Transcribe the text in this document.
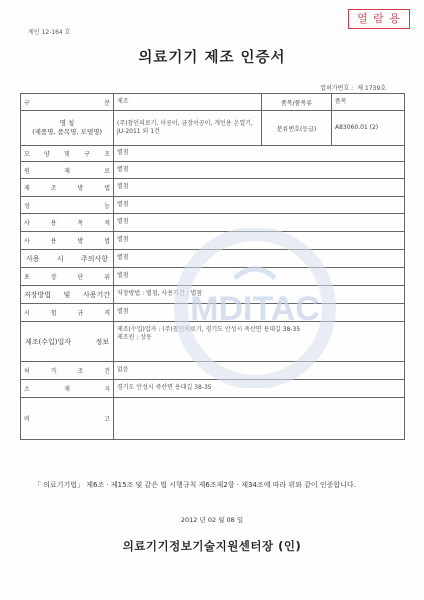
제인 12-164 호
열 람 용
의료기기 제조 인증서
업허가번호 : 제 1739호
구 분	제조	품목/품목류	품목
명 칭
(제품명, 품목명, 모델명)	(주)참인의료기, 이공이, 금장이공이, 개인용 온열기, JU-2011 외 1건	분류번호(등급)	A83060.01 (2)
모 양 및 구 조	별첨		
원 재 료	별첨		
제 조 방 법	별첨		
성 능	별첨		
사 용 목 적	별첨		
사 용 방 법	별첨		
사용 시 주의사항	별첨		
포 장 단 위	별첨		
저장방법 및 사용기간	저장방법 : 별첨, 사용기간 : 별첨		
시 험 규 격	별첨		
제조(수입)업자 정보	제조(수입)업자 : (주)참인의료기, 경기도 안성시 죽산면 용대길 38-35
제조원 : 상동		
허 가 조 건	없음		
소 재 지	경기도 안성시 죽산면 용대길 38-35		
비 고			
MDITAC
「 의료기기법」 제6조 · 제15조 및 같은 법 시행규칙 제6조제2항 · 제34조에 따라 위와 같이 인증합니다.
2012 년 02 월 08 일
의료기기정보기술지원센터장 (인)
